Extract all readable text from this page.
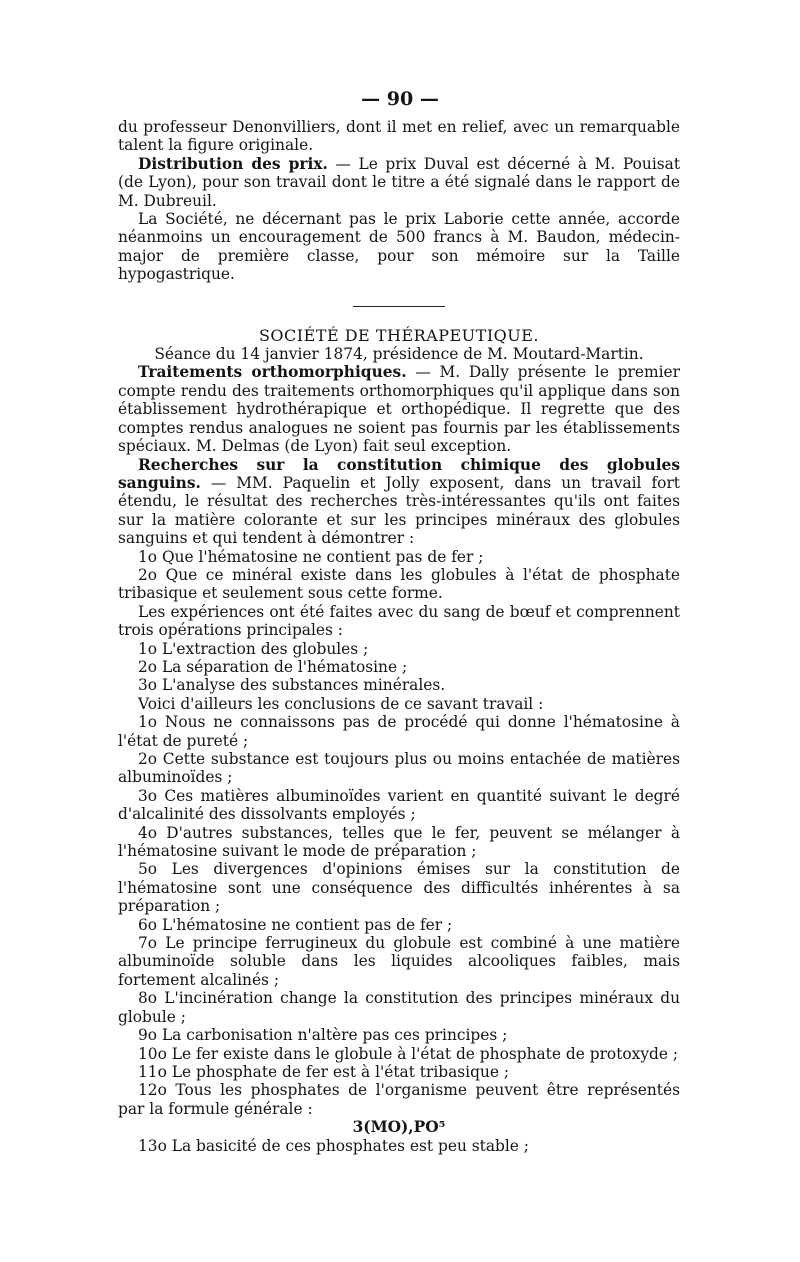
— 90 —

du professeur Denonvilliers, dont il met en relief, avec un remarquable talent la figure originale.

Distribution des prix. — Le prix Duval est décerné à M. Pouisat (de Lyon), pour son travail dont le titre a été signalé dans le rapport de M. Dubreuil.

La Société, ne décernant pas le prix Laborie cette année, accorde néanmoins un encouragement de 500 francs à M. Baudon, médecin-major de première classe, pour son mémoire sur la Taille hypogastrique.

SOCIÉTÉ DE THÉRAPEUTIQUE.

Séance du 14 janvier 1874, présidence de M. Moutard-Martin.

Traitements orthomorphiques. — M. Dally présente le premier compte rendu des traitements orthomorphiques qu'il applique dans son établissement hydrothérapique et orthopédique. Il regrette que des comptes rendus analogues ne soient pas fournis par les établissements spéciaux. M. Delmas (de Lyon) fait seul exception.

Recherches sur la constitution chimique des globules sanguins. — MM. Paquelin et Jolly exposent, dans un travail fort étendu, le résultat des recherches très-intéressantes qu'ils ont faites sur la matière colorante et sur les principes minéraux des globules sanguins et qui tendent à démontrer :

1o Que l'hématosine ne contient pas de fer ;

2o Que ce minéral existe dans les globules à l'état de phosphate tribasique et seulement sous cette forme.

Les expériences ont été faites avec du sang de bœuf et comprennent trois opérations principales :

1o L'extraction des globules ;

2o La séparation de l'hématosine ;

3o L'analyse des substances minérales.

Voici d'ailleurs les conclusions de ce savant travail :

1o Nous ne connaissons pas de procédé qui donne l'hématosine à l'état de pureté ;

2o Cette substance est toujours plus ou moins entachée de matières albuminoïdes ;

3o Ces matières albuminoïdes varient en quantité suivant le degré d'alcalinité des dissolvants employés ;

4o D'autres substances, telles que le fer, peuvent se mélanger à l'hématosine suivant le mode de préparation ;

5o Les divergences d'opinions émises sur la constitution de l'hématosine sont une conséquence des difficultés inhérentes à sa préparation ;

6o L'hématosine ne contient pas de fer ;

7o Le principe ferrugineux du globule est combiné à une matière albuminoïde soluble dans les liquides alcooliques faibles, mais fortement alcalinés ;

8o L'incinération change la constitution des principes minéraux du globule ;

9o La carbonisation n'altère pas ces principes ;

10o Le fer existe dans le globule à l'état de phosphate de protoxyde ;

11o Le phosphate de fer est à l'état tribasique ;

12o Tous les phosphates de l'organisme peuvent être représentés par la formule générale :

3(MO),PO⁵

13o La basicité de ces phosphates est peu stable ;
